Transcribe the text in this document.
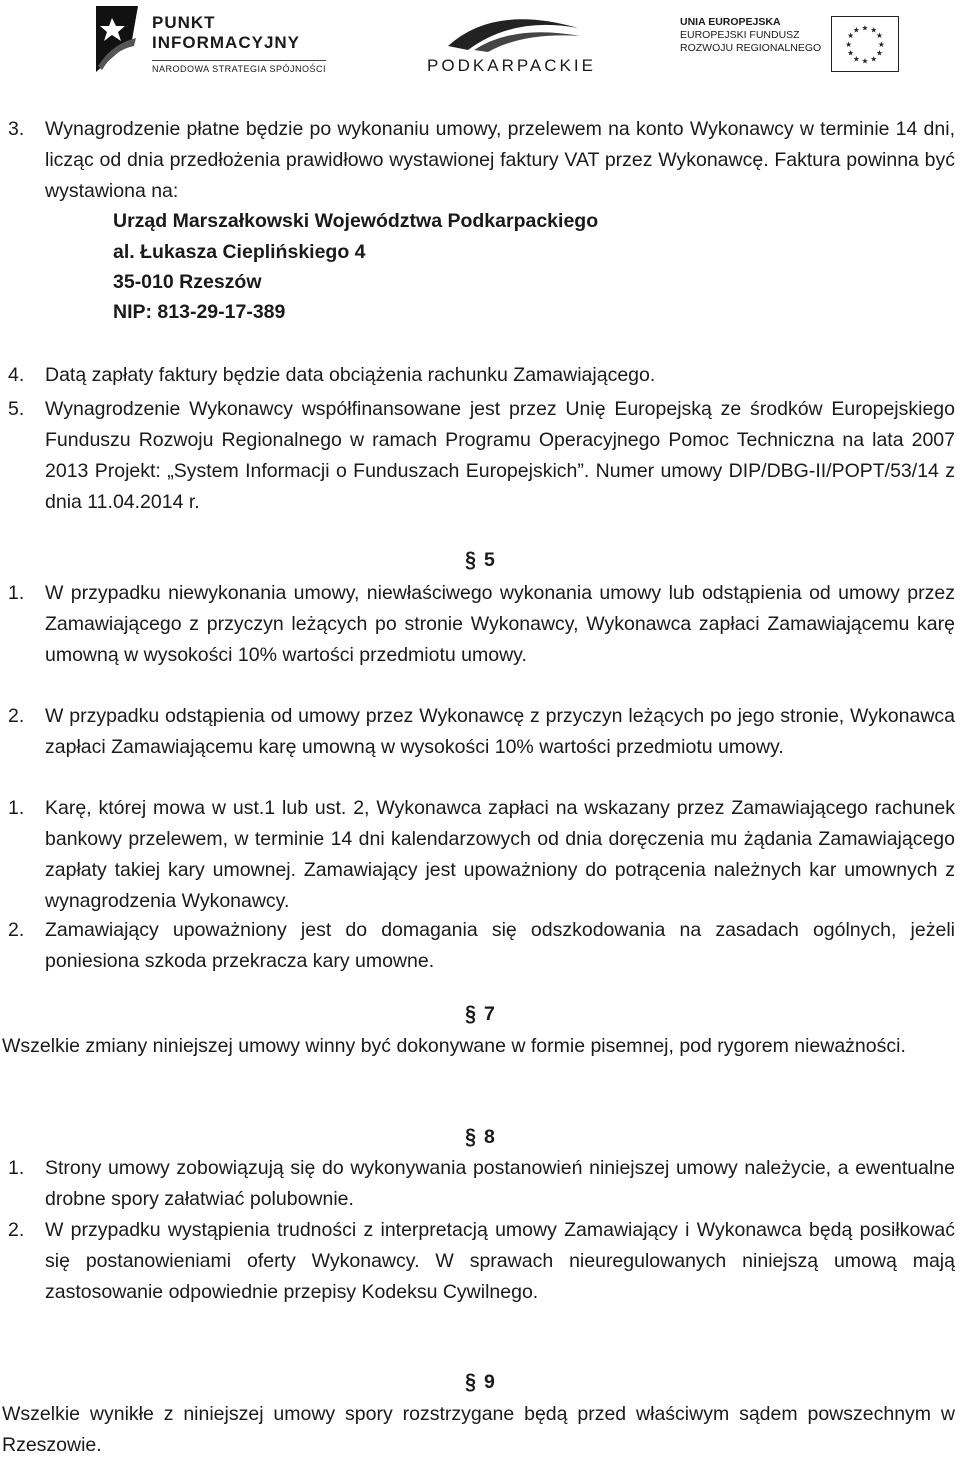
PUNKT
INFORMACYJNY
NARODOWA STRATEGIA SPÓJNOŚCI	PODKARPACKIE
UNIA EUROPEJSKA
EUROPEJSKI FUNDUSZ
ROZWOJU REGIONALNEGO
★ ★
★
★
★
★
★
★
★
★
★
★
3. Wynagrodzenie płatne będzie po wykonaniu umowy, przelewem na konto Wykonawcy w terminie 14 dni, licząc od dnia przedłożenia prawidłowo wystawionej faktury VAT przez Wykonawcę. Faktura powinna być wystawiona na:
Urząd Marszałkowski Województwa Podkarpackiego
al. Łukasza Cieplińskiego 4
35-010 Rzeszów
NIP: 813-29-17-389
4. Datą zapłaty faktury będzie data obciążenia rachunku Zamawiającego.
5. Wynagrodzenie Wykonawcy współfinansowane jest przez Unię Europejską ze środków Europejskiego Funduszu Rozwoju Regionalnego w ramach Programu Operacyjnego Pomoc Techniczna na lata 2007 2013 Projekt: „System Informacji o Funduszach Europejskich”. Numer umowy DIP/DBG-II/POPT/53/14 z dnia 11.04.2014 r.
§ 5
1. W przypadku niewykonania umowy, niewłaściwego wykonania umowy lub odstąpienia od umowy przez Zamawiającego z przyczyn leżących po stronie Wykonawcy, Wykonawca zapłaci Zamawiającemu karę umowną w wysokości 10% wartości przedmiotu umowy.
2. W przypadku odstąpienia od umowy przez Wykonawcę z przyczyn leżących po jego stronie, Wykonawca zapłaci Zamawiającemu karę umowną w wysokości 10% wartości przedmiotu umowy.
1. Karę, której mowa w ust.1 lub ust. 2, Wykonawca zapłaci na wskazany przez Zamawiającego rachunek bankowy przelewem, w terminie 14 dni kalendarzowych od dnia doręczenia mu żądania Zamawiającego zapłaty takiej kary umownej. Zamawiający jest upoważniony do potrącenia należnych kar umownych z wynagrodzenia Wykonawcy.
2. Zamawiający upoważniony jest do domagania się odszkodowania na zasadach ogólnych, jeżeli poniesiona szkoda przekracza kary umowne.
§ 7
Wszelkie zmiany niniejszej umowy winny być dokonywane w formie pisemnej, pod rygorem nieważności.
§ 8
1. Strony umowy zobowiązują się do wykonywania postanowień niniejszej umowy należycie, a ewentualne drobne spory załatwiać polubownie.
2. W przypadku wystąpienia trudności z interpretacją umowy Zamawiający i Wykonawca będą posiłkować się postanowieniami oferty Wykonawcy. W sprawach nieuregulowanych niniejszą umową mają zastosowanie odpowiednie przepisy Kodeksu Cywilnego.
§ 9
Wszelkie wynikłe z niniejszej umowy spory rozstrzygane będą przed właściwym sądem powszechnym w Rzeszowie.
